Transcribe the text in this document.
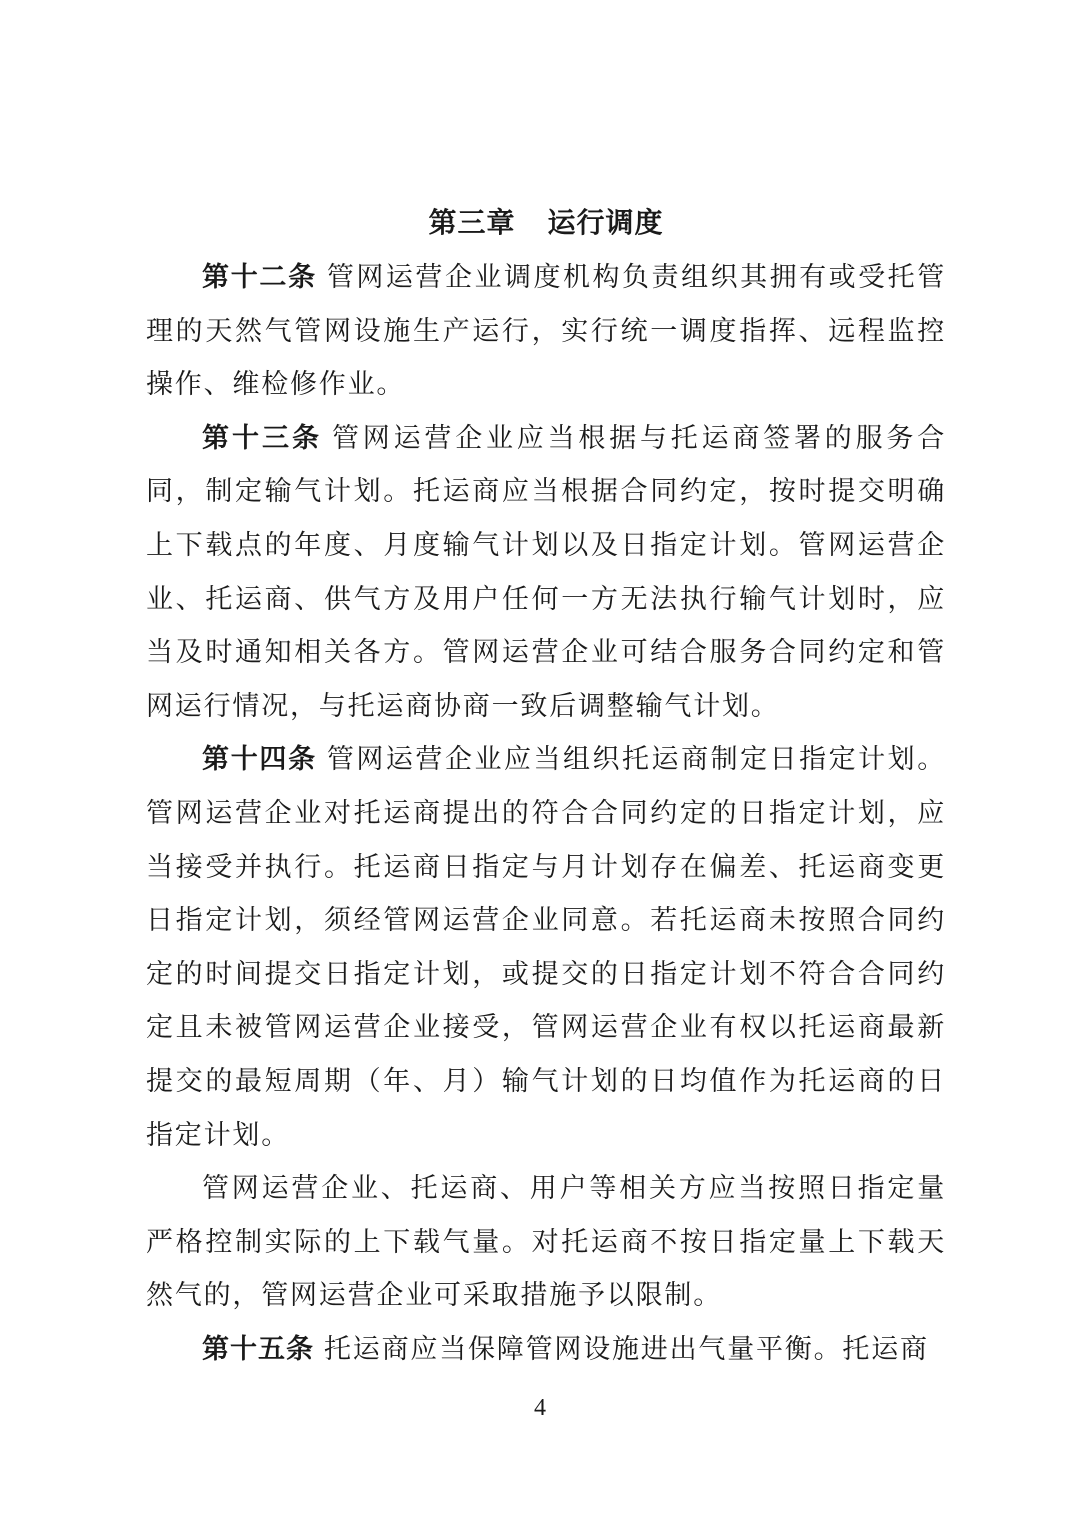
第三章 运行调度

第十二条 管网运营企业调度机构负责组织其拥有或受托管理的天然气管网设施生产运行，实行统一调度指挥、远程监控操作、维检修作业。

第十三条 管网运营企业应当根据与托运商签署的服务合同，制定输气计划。托运商应当根据合同约定，按时提交明确上下载点的年度、月度输气计划以及日指定计划。管网运营企业、托运商、供气方及用户任何一方无法执行输气计划时，应当及时通知相关各方。管网运营企业可结合服务合同约定和管网运行情况，与托运商协商一致后调整输气计划。

第十四条 管网运营企业应当组织托运商制定日指定计划。管网运营企业对托运商提出的符合合同约定的日指定计划，应当接受并执行。托运商日指定与月计划存在偏差、托运商变更日指定计划，须经管网运营企业同意。若托运商未按照合同约定的时间提交日指定计划，或提交的日指定计划不符合合同约定且未被管网运营企业接受，管网运营企业有权以托运商最新提交的最短周期（年、月）输气计划的日均值作为托运商的日指定计划。

管网运营企业、托运商、用户等相关方应当按照日指定量严格控制实际的上下载气量。对托运商不按日指定量上下载天然气的，管网运营企业可采取措施予以限制。

第十五条 托运商应当保障管网设施进出气量平衡。托运商

4
